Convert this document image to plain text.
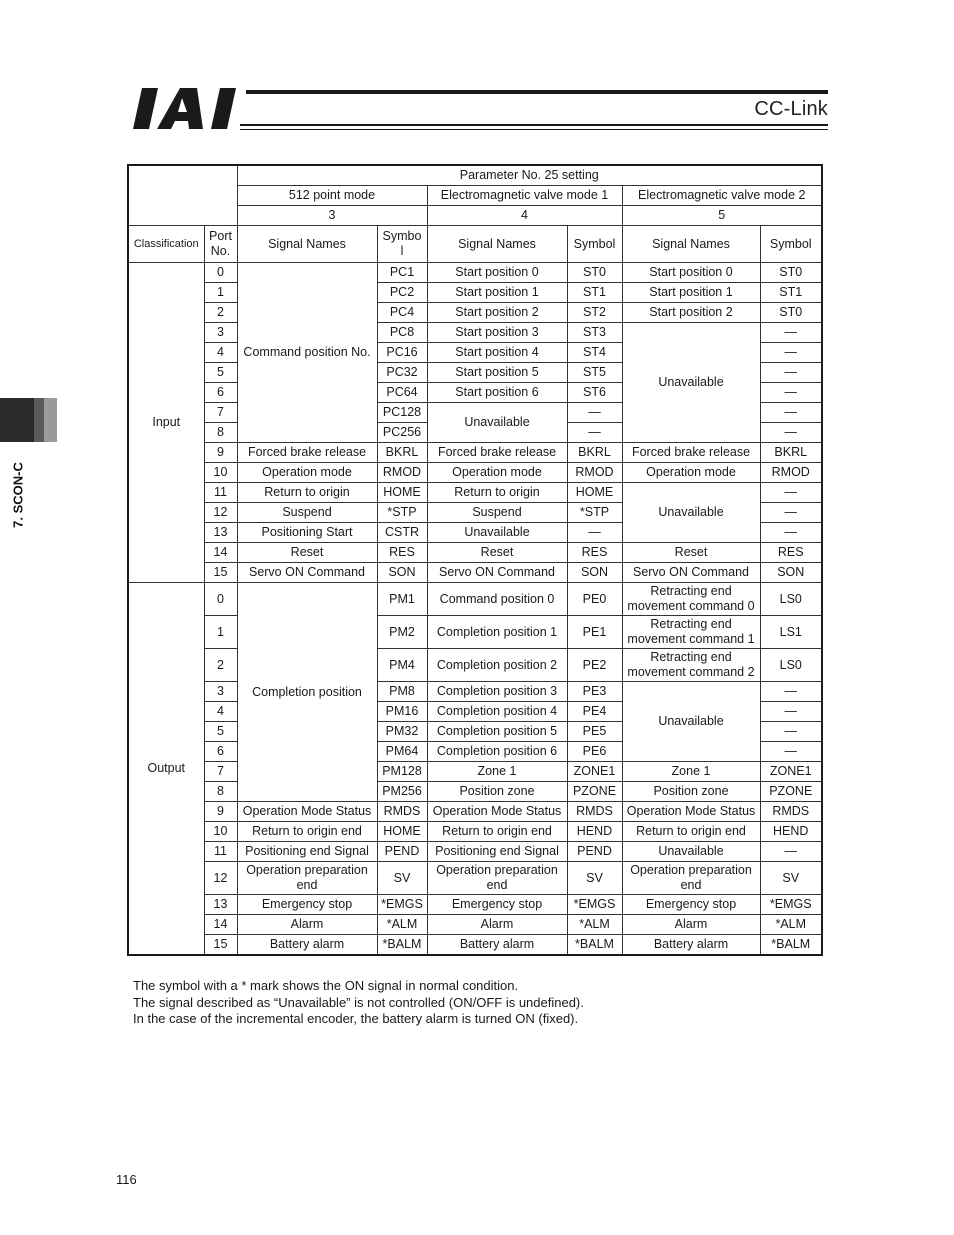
CC-Link
7. SCON-C
		Parameter No. 25 setting					
		512 point mode		Electromagnetic valve mode 1		Electromagnetic valve mode 2	
		3		4		5	
Classification	Port No.	Signal Names	Symbo l	Signal Names	Symbol	Signal Names	Symbol
Input	0	Command position No.	PC1	Start position 0	ST0	Start position 0	ST0
	1		PC2	Start position 1	ST1	Start position 1	ST1
	2		PC4	Start position 2	ST2	Start position 2	ST0
	3		PC8	Start position 3	ST3	Unavailable	—
	4		PC16	Start position 4	ST4		—
	5		PC32	Start position 5	ST5		—
	6		PC64	Start position 6	ST6		—
	7		PC128	Unavailable	—		—
	8		PC256		—		—
	9	Forced brake release	BKRL	Forced brake release	BKRL	Forced brake release	BKRL
	10	Operation mode	RMOD	Operation mode	RMOD	Operation mode	RMOD
	11	Return to origin	HOME	Return to origin	HOME	Unavailable	—
	12	Suspend	*STP	Suspend	*STP		—
	13	Positioning Start	CSTR	Unavailable	—		—
	14	Reset	RES	Reset	RES	Reset	RES
	15	Servo ON Command	SON	Servo ON Command	SON	Servo ON Command	SON
Output	0	Completion position	PM1	Command position 0	PE0	Retracting end movement command 0	LS0
	1		PM2	Completion position 1	PE1	Retracting end movement command 1	LS1
	2		PM4	Completion position 2	PE2	Retracting end movement command 2	LS0
	3		PM8	Completion position 3	PE3	Unavailable	—
	4		PM16	Completion position 4	PE4		—
	5		PM32	Completion position 5	PE5		—
	6		PM64	Completion position 6	PE6		—
	7		PM128	Zone 1	ZONE1	Zone 1	ZONE1
	8		PM256	Position zone	PZONE	Position zone	PZONE
	9	Operation Mode Status	RMDS	Operation Mode Status	RMDS	Operation Mode Status	RMDS
	10	Return to origin end	HOME	Return to origin end	HEND	Return to origin end	HEND
	11	Positioning end Signal	PEND	Positioning end Signal	PEND	Unavailable	—
	12	Operation preparation end	SV	Operation preparation end	SV	Operation preparation end	SV
	13	Emergency stop	*EMGS	Emergency stop	*EMGS	Emergency stop	*EMGS
	14	Alarm	*ALM	Alarm	*ALM	Alarm	*ALM
	15	Battery alarm	*BALM	Battery alarm	*BALM	Battery alarm	*BALM
The symbol with a * mark shows the ON signal in normal condition.
The signal described as “Unavailable” is not controlled (ON/OFF is undefined).
In the case of the incremental encoder, the battery alarm is turned ON (fixed).
116
